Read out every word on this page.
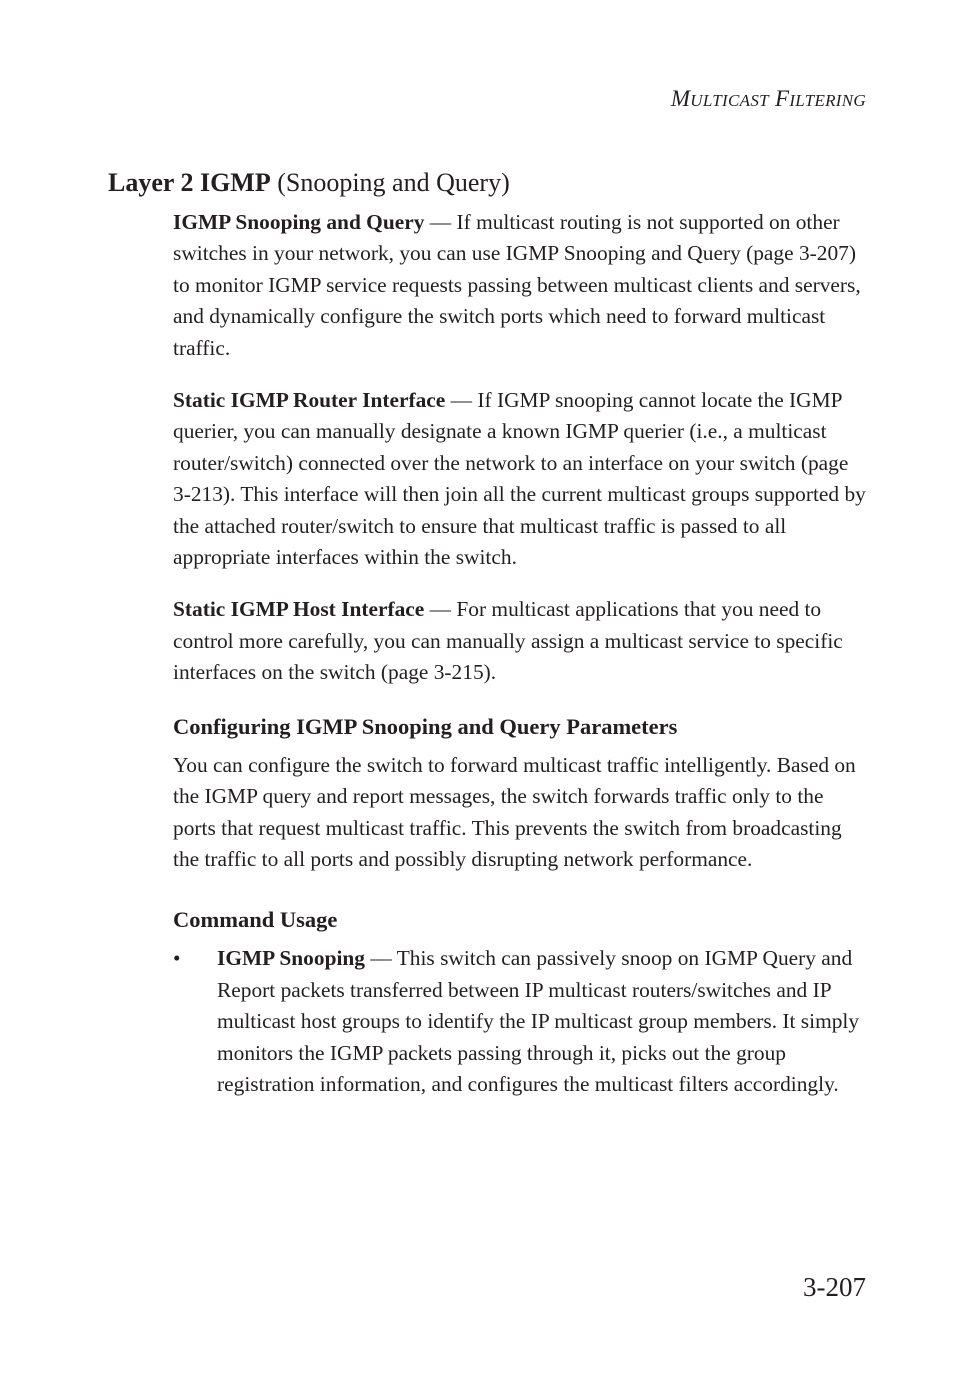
MULTICAST FILTERING
Layer 2 IGMP (Snooping and Query)

IGMP Snooping and Query — If multicast routing is not supported on other switches in your network, you can use IGMP Snooping and Query (page 3-207) to monitor IGMP service requests passing between multicast clients and servers, and dynamically configure the switch ports which need to forward multicast traffic.

Static IGMP Router Interface — If IGMP snooping cannot locate the IGMP querier, you can manually designate a known IGMP querier (i.e., a multicast router/switch) connected over the network to an interface on your switch (page 3-213). This interface will then join all the current multicast groups supported by the attached router/switch to ensure that multicast traffic is passed to all appropriate interfaces within the switch.

Static IGMP Host Interface — For multicast applications that you need to control more carefully, you can manually assign a multicast service to specific interfaces on the switch (page 3-215).

Configuring IGMP Snooping and Query Parameters

You can configure the switch to forward multicast traffic intelligently. Based on the IGMP query and report messages, the switch forwards traffic only to the ports that request multicast traffic. This prevents the switch from broadcasting the traffic to all ports and possibly disrupting network performance.

Command Usage
• IGMP Snooping — This switch can passively snoop on IGMP Query and Report packets transferred between IP multicast routers/switches and IP multicast host groups to identify the IP multicast group members. It simply monitors the IGMP packets passing through it, picks out the group registration information, and configures the multicast filters accordingly.
3-207
